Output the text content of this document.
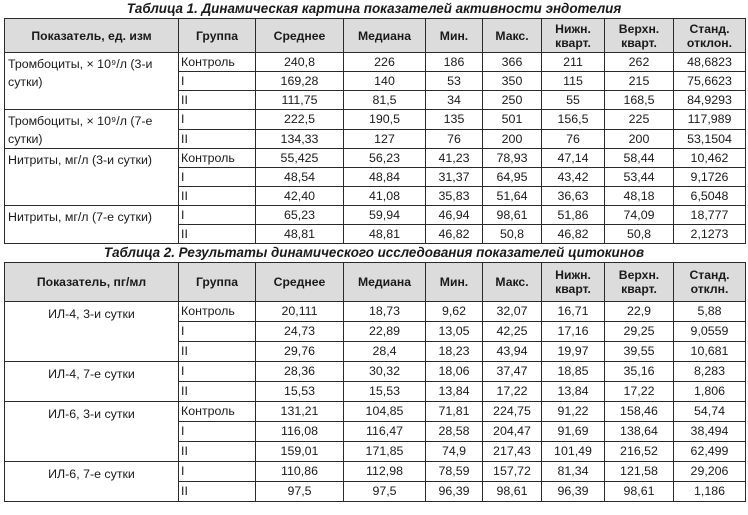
Таблица 1. Динамическая картина показателей активности эндотелия
Показатель, ед. изм	Группа	Среднее	Медиана	Мин.	Макс.	Нижн. кварт.	Верхн. кварт.	Станд. отклон.
Тромбоциты, × 10⁹/л (3-и сутки)	Контроль	240,8	226	186	366	211	262	48,6823
	I	169,28	140	53	350	115	215	75,6623
	II	111,75	81,5	34	250	55	168,5	84,9293
Тромбоциты, × 10⁹/л (7-е сутки)	I	222,5	190,5	135	501	156,5	225	117,989
	II	134,33	127	76	200	76	200	53,1504
Нитриты, мг/л (3-и сутки)	Контроль	55,425	56,23	41,23	78,93	47,14	58,44	10,462
	I	48,54	48,84	31,37	64,95	43,42	53,44	9,1726
	II	42,40	41,08	35,83	51,64	36,63	48,18	6,5048
Нитриты, мг/л (7-е сутки)	I	65,23	59,94	46,94	98,61	51,86	74,09	18,777
	II	48,81	48,81	46,82	50,8	46,82	50,8	2,1273
Таблица 2. Результаты динамического исследования показателей цитокинов
Показатель, пг/мл	Группа	Среднее	Медиана	Мин.	Макс.	Нижн. кварт.	Верхн. кварт.	Станд. отклн.
ИЛ-4, 3-и сутки	Контроль	20,111	18,73	9,62	32,07	16,71	22,9	5,88
	I	24,73	22,89	13,05	42,25	17,16	29,25	9,0559
	II	29,76	28,4	18,23	43,94	19,97	39,55	10,681
ИЛ-4, 7-е сутки	I	28,36	30,32	18,06	37,47	18,85	35,16	8,283
	II	15,53	15,53	13,84	17,22	13,84	17,22	1,806
ИЛ-6, 3-и сутки	Контроль	131,21	104,85	71,81	224,75	91,22	158,46	54,74
	I	116,08	116,47	28,58	204,47	91,69	138,64	38,494
	II	159,01	171,85	74,9	217,43	101,49	216,52	62,499
ИЛ-6, 7-е сутки	I	110,86	112,98	78,59	157,72	81,34	121,58	29,206
	II	97,5	97,5	96,39	98,61	96,39	98,61	1,186
